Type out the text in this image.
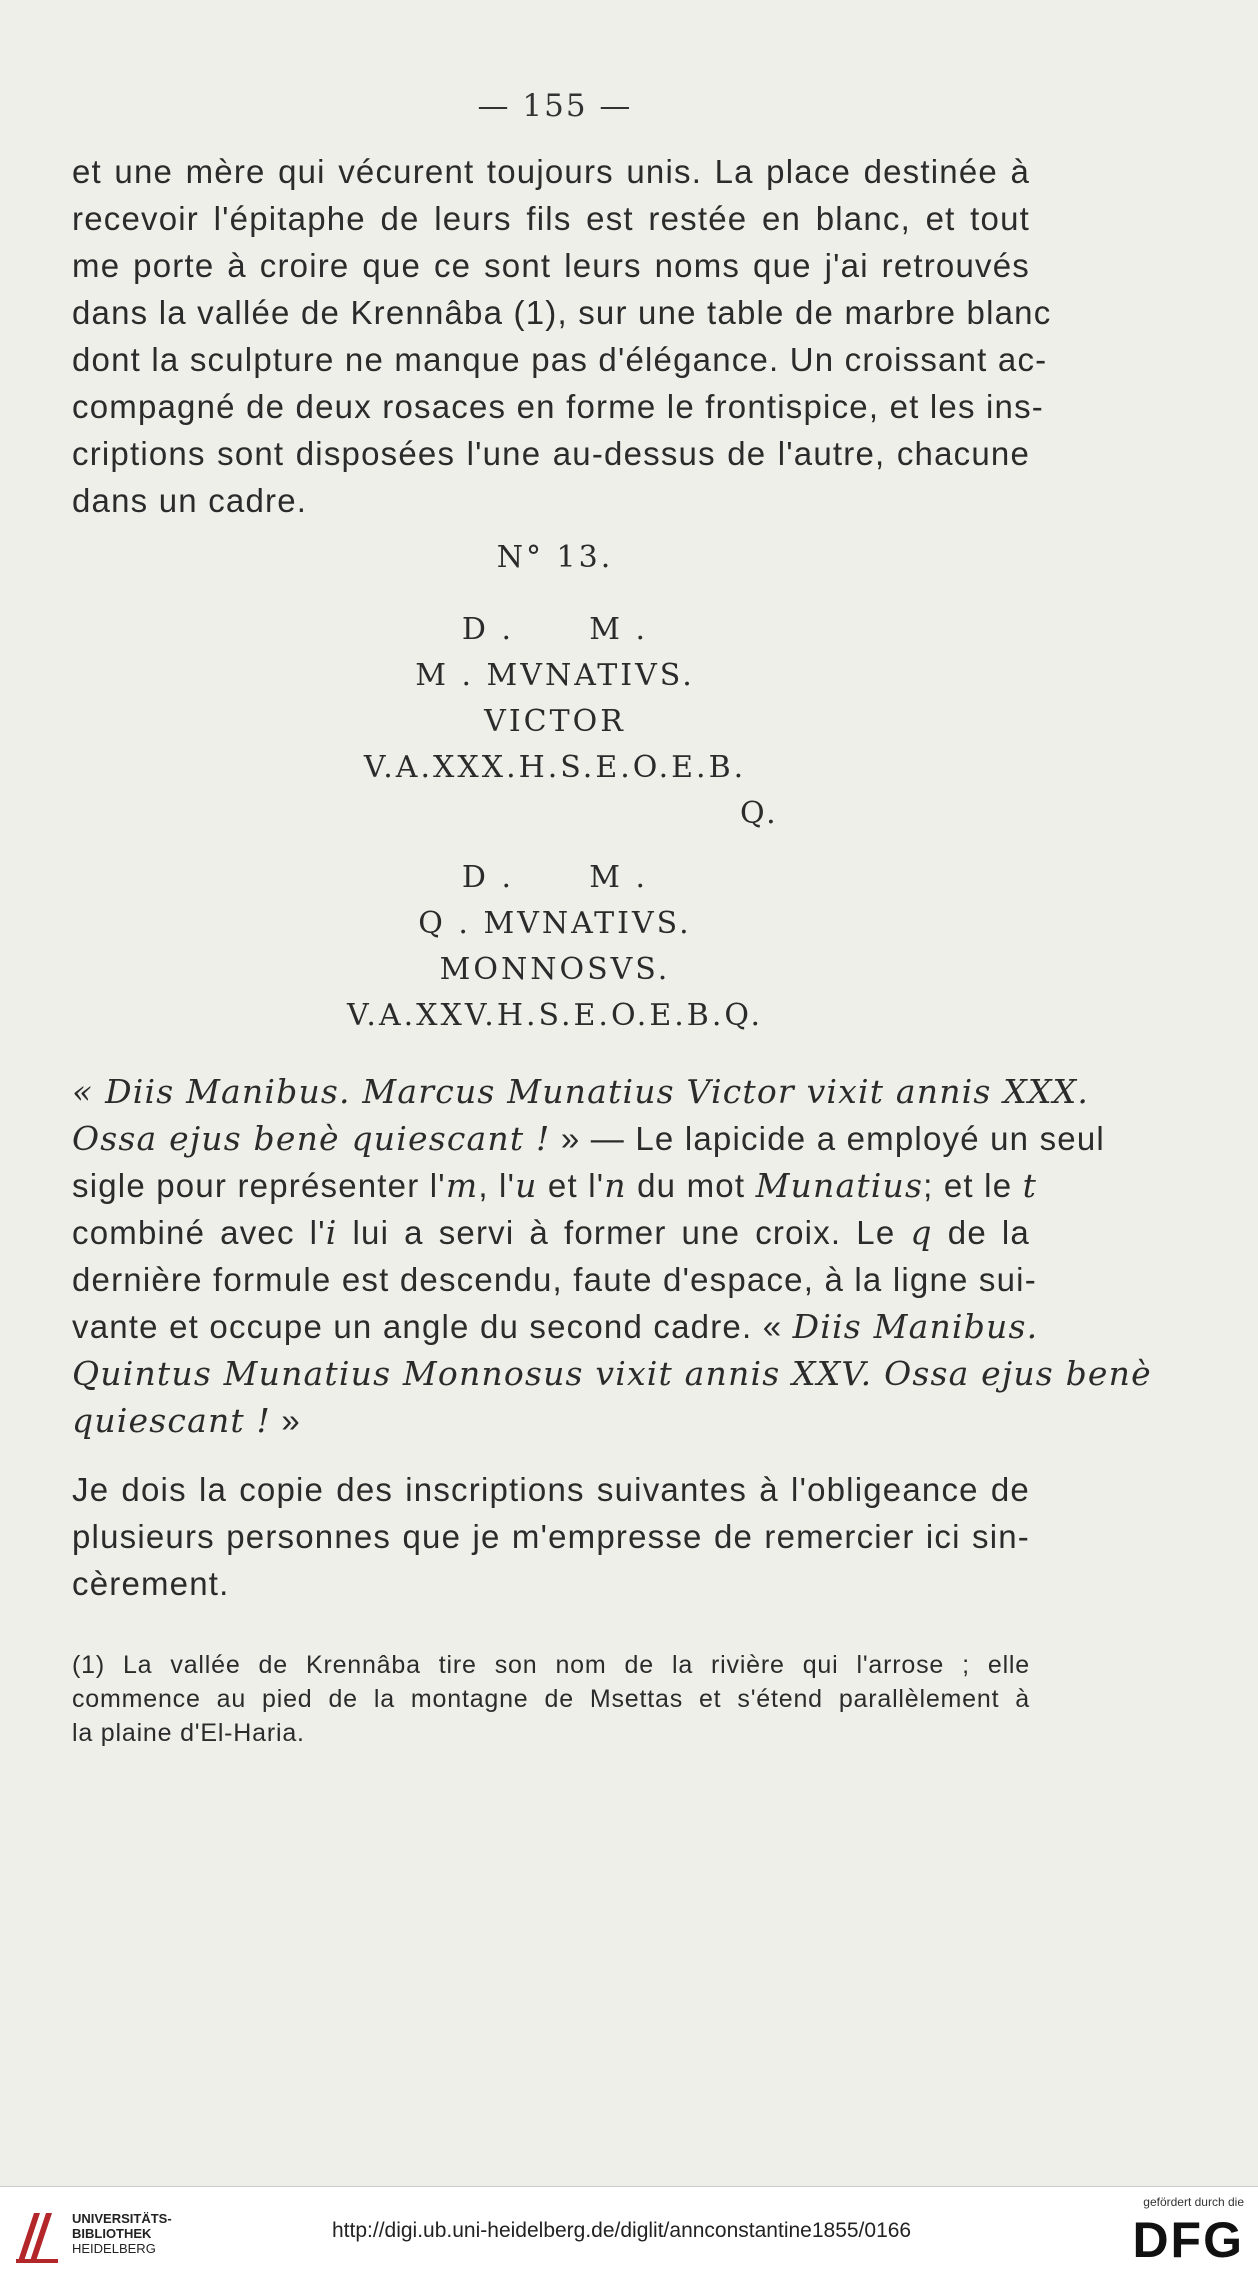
— 155 —

et une mère qui vécurent toujours unis. La place destinée à
recevoir l'épitaphe de leurs fils est restée en blanc, et tout
me porte à croire que ce sont leurs noms que j'ai retrouvés
dans la vallée de Krennâba (1), sur une table de marbre blanc
dont la sculpture ne manque pas d'élégance. Un croissant ac-
compagné de deux rosaces en forme le frontispice, et les ins-
criptions sont disposées l'une au-dessus de l'autre, chacune
dans un cadre.

N° 13.
D .      M .
M . MVNATIVS.
VICTOR
V.A.XXX.H.S.E.O.E.B.
Q.
D .      M .
Q . MVNATIVS.
MONNOSVS.
V.A.XXV.H.S.E.O.E.B.Q.

« Diis Manibus. Marcus Munatius Victor vixit annis XXX.
Ossa ejus benè quiescant ! » — Le lapicide a employé un seul
sigle pour représenter l'm, l'u et l'n du mot Munatius; et le t
combiné avec l'i lui a servi à former une croix. Le q de la
dernière formule est descendu, faute d'espace, à la ligne sui-
vante et occupe un angle du second cadre. « Diis Manibus.
Quintus Munatius Monnosus vixit annis XXV. Ossa ejus benè
quiescant ! »

Je dois la copie des inscriptions suivantes à l'obligeance de
plusieurs personnes que je m'empresse de remercier ici sin-
cèrement.

(1) La vallée de Krennâba tire son nom de la rivière qui l'arrose ; elle
commence au pied de la montagne de Msettas et s'étend parallèlement à
la plaine d'El-Haria.
UNIVERSITÄTS-
BIBLIOTHEK
HEIDELBERG
http://digi.ub.uni-heidelberg.de/diglit/annconstantine1855/0166
gefördert durch die
DFG
